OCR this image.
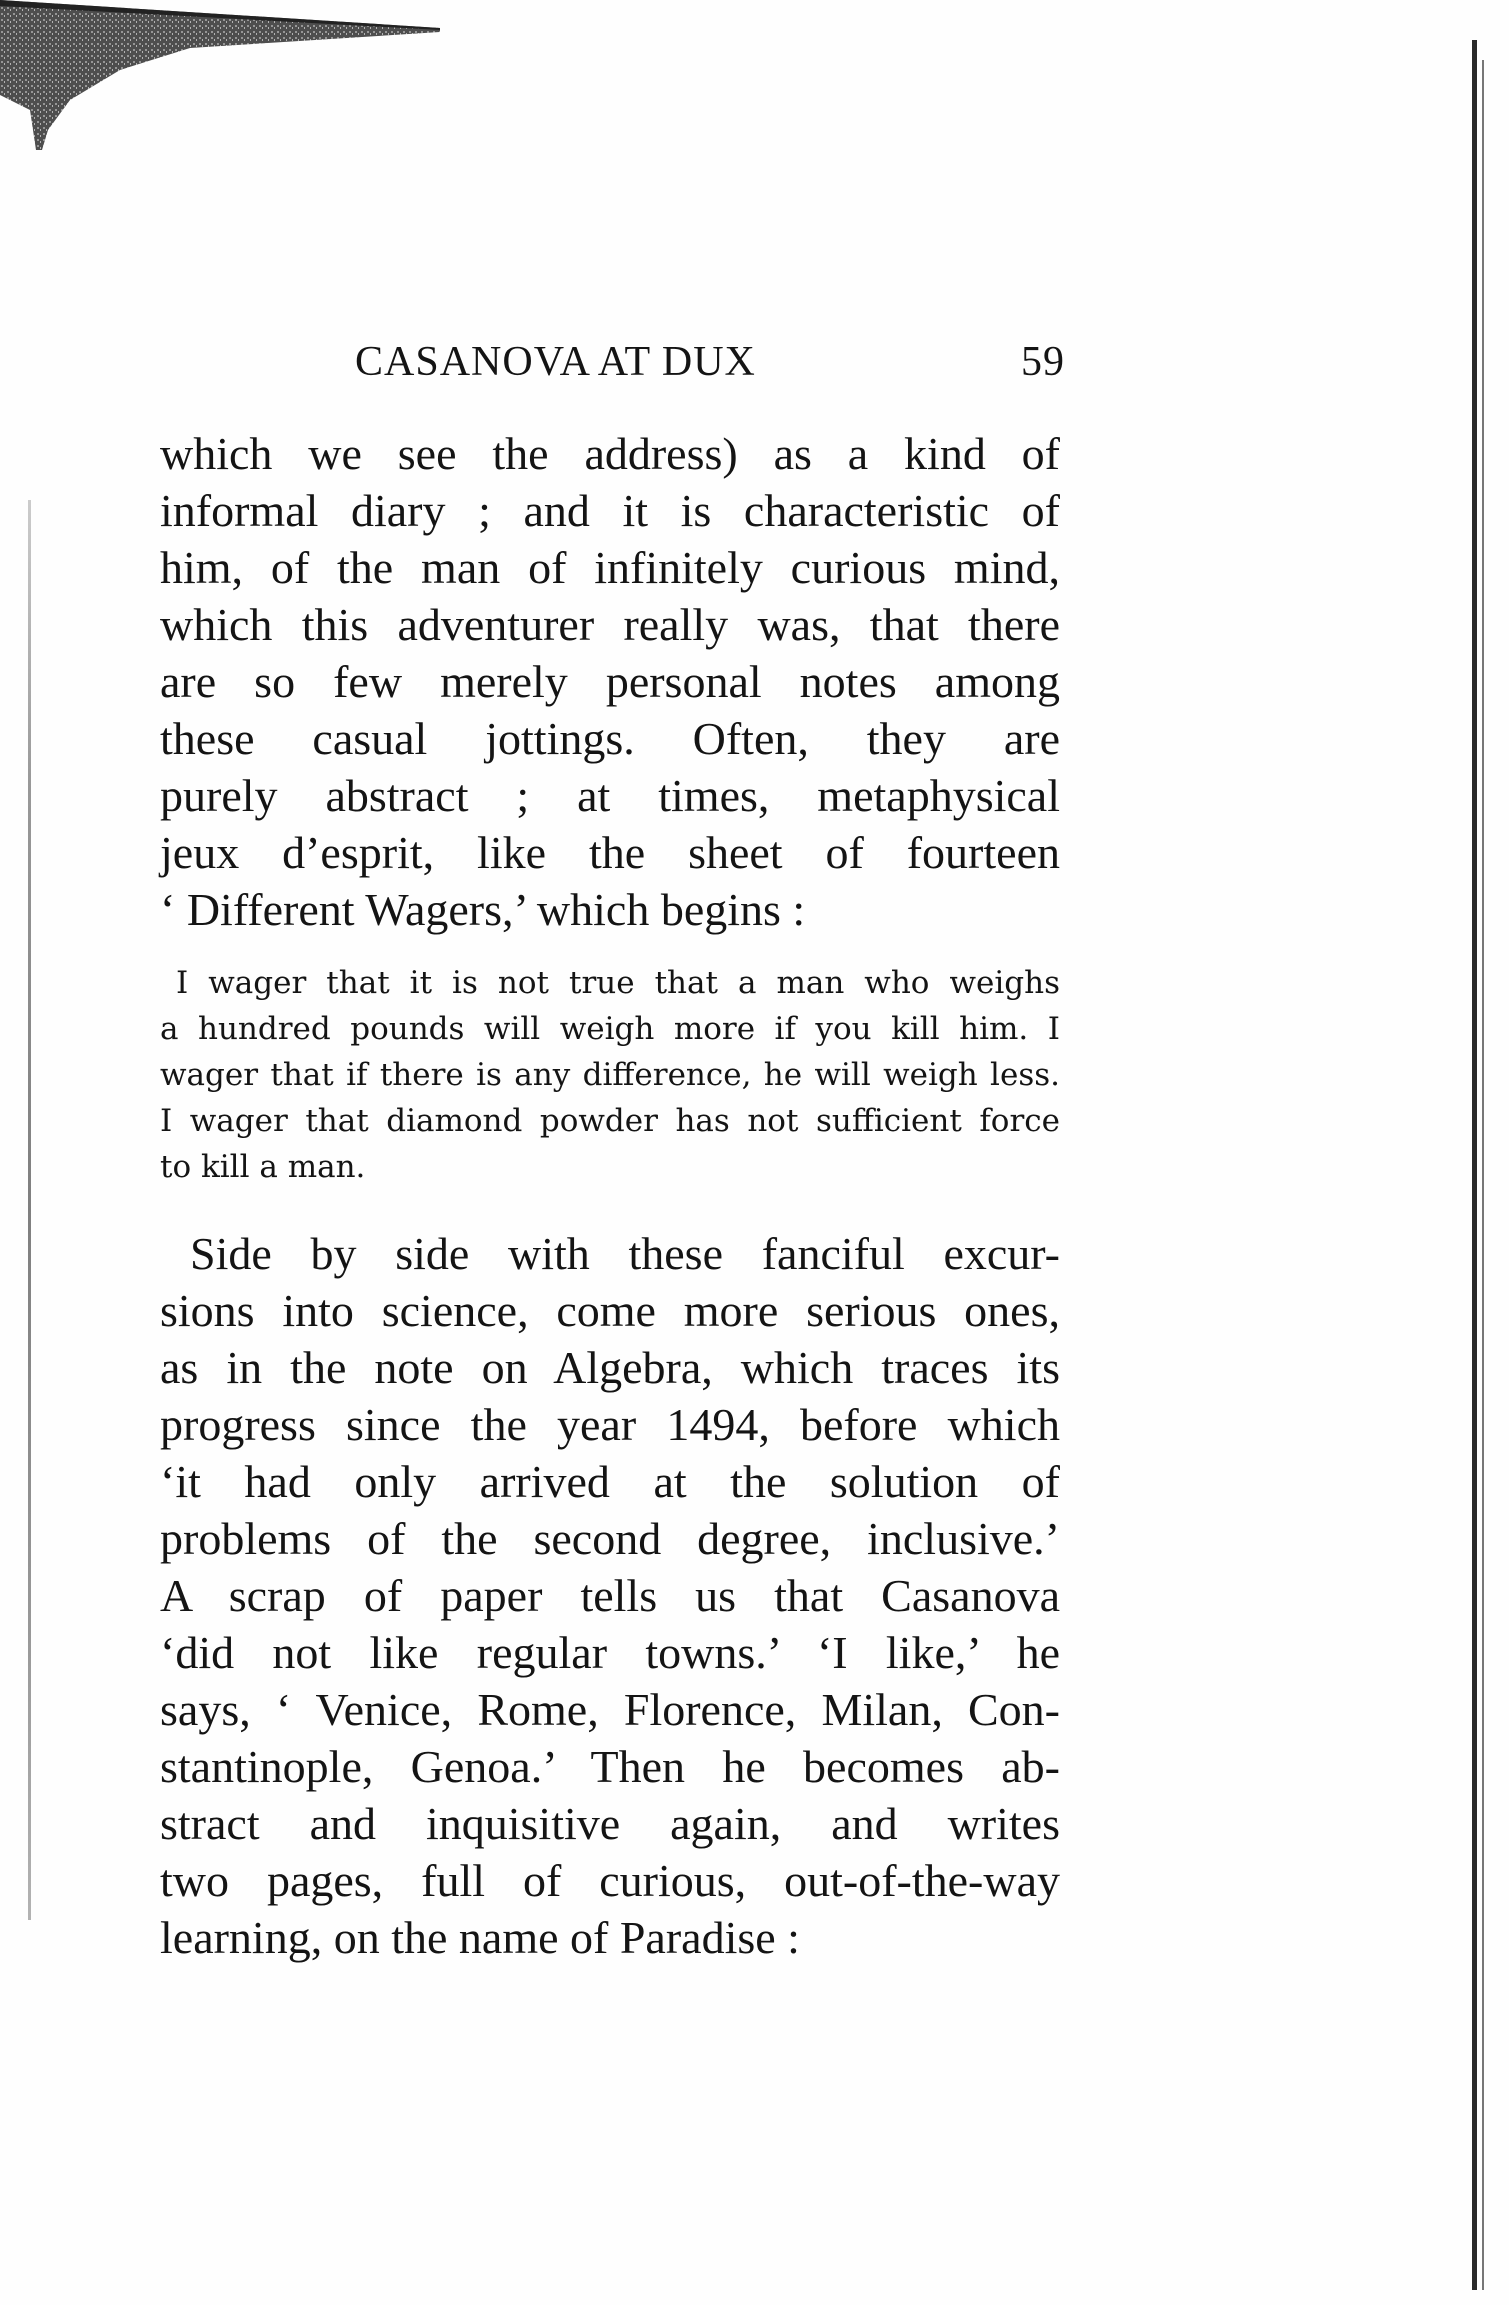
CASANOVA AT DUX	59
which we see the address) as a kind of
informal diary ; and it is characteristic of
him, of the man of infinitely curious mind,
which this adventurer really was, that there
are so few merely personal notes among
these casual jottings. Often, they are
purely abstract ; at times, metaphysical
jeux d’esprit, like the sheet of fourteen
‘ Different Wagers,’ which begins :
I wager that it is not true that a man who weighs
a hundred pounds will weigh more if you kill him. I
wager that if there is any difference, he will weigh less.
I wager that diamond powder has not sufficient force
to kill a man.
Side by side with these fanciful excur-
sions into science, come more serious ones,
as in the note on Algebra, which traces its
progress since the year 1494, before which
‘it had only arrived at the solution of
problems of the second degree, inclusive.’
A scrap of paper tells us that Casanova
‘did not like regular towns.’ ‘I like,’ he
says, ‘ Venice, Rome, Florence, Milan, Con-
stantinople, Genoa.’ Then he becomes ab-
stract and inquisitive again, and writes
two pages, full of curious, out-of-the-way
learning, on the name of Paradise :
